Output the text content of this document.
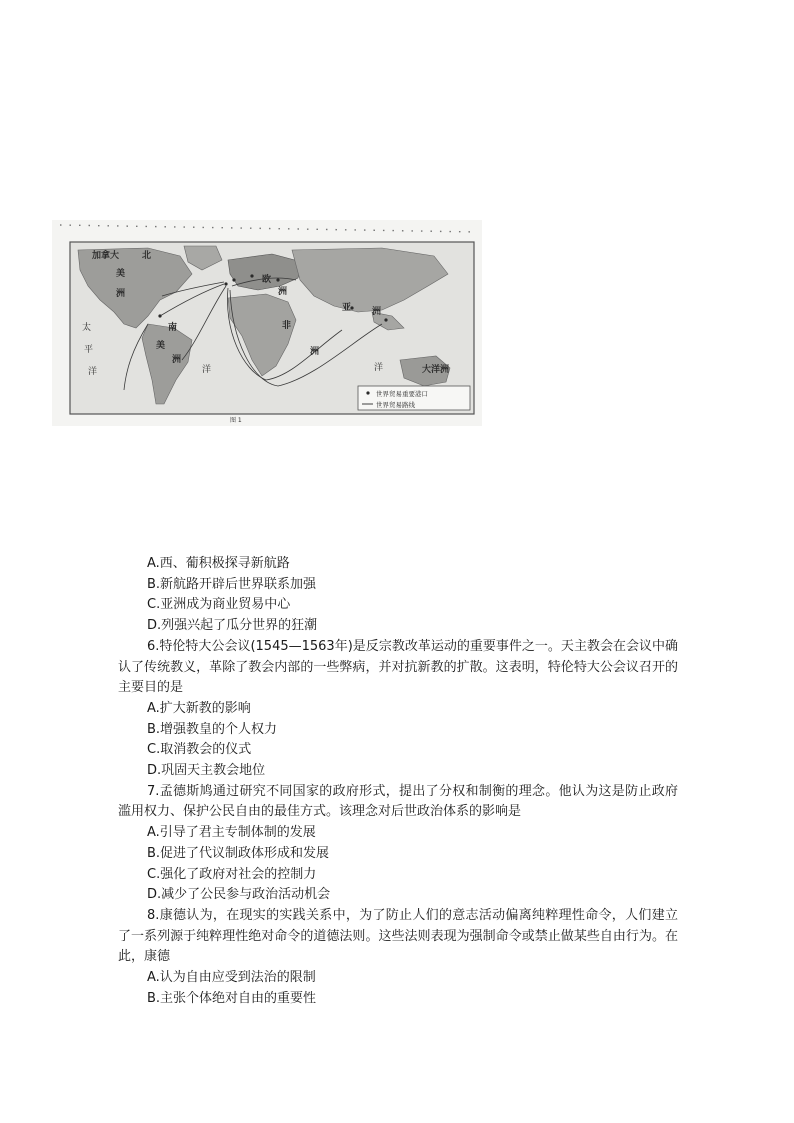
加拿大	北
美
洲
欧
洲
亚 洲
非
洲
南
美
洲
大洋洲
太
平
洋	洋	洋
世界贸易重要港口
世界贸易路线
图 1
A.西、葡积极探寻新航路
B.新航路开辟后世界联系加强
C.亚洲成为商业贸易中心
D.列强兴起了瓜分世界的狂潮
6.特伦特大公会议(1545—1563年)是反宗教改革运动的重要事件之一。天主教会在会议中确认了传统教义，革除了教会内部的一些弊病，并对抗新教的扩散。这表明，特伦特大公会议召开的主要目的是
A.扩大新教的影响
B.增强教皇的个人权力
C.取消教会的仪式
D.巩固天主教会地位
7.孟德斯鸠通过研究不同国家的政府形式，提出了分权和制衡的理念。他认为这是防止政府滥用权力、保护公民自由的最佳方式。该理念对后世政治体系的影响是
A.引导了君主专制体制的发展
B.促进了代议制政体形成和发展
C.强化了政府对社会的控制力
D.减少了公民参与政治活动机会
8.康德认为，在现实的实践关系中，为了防止人们的意志活动偏离纯粹理性命令，人们建立了一系列源于纯粹理性绝对命令的道德法则。这些法则表现为强制命令或禁止做某些自由行为。在此，康德
A.认为自由应受到法治的限制
B.主张个体绝对自由的重要性
